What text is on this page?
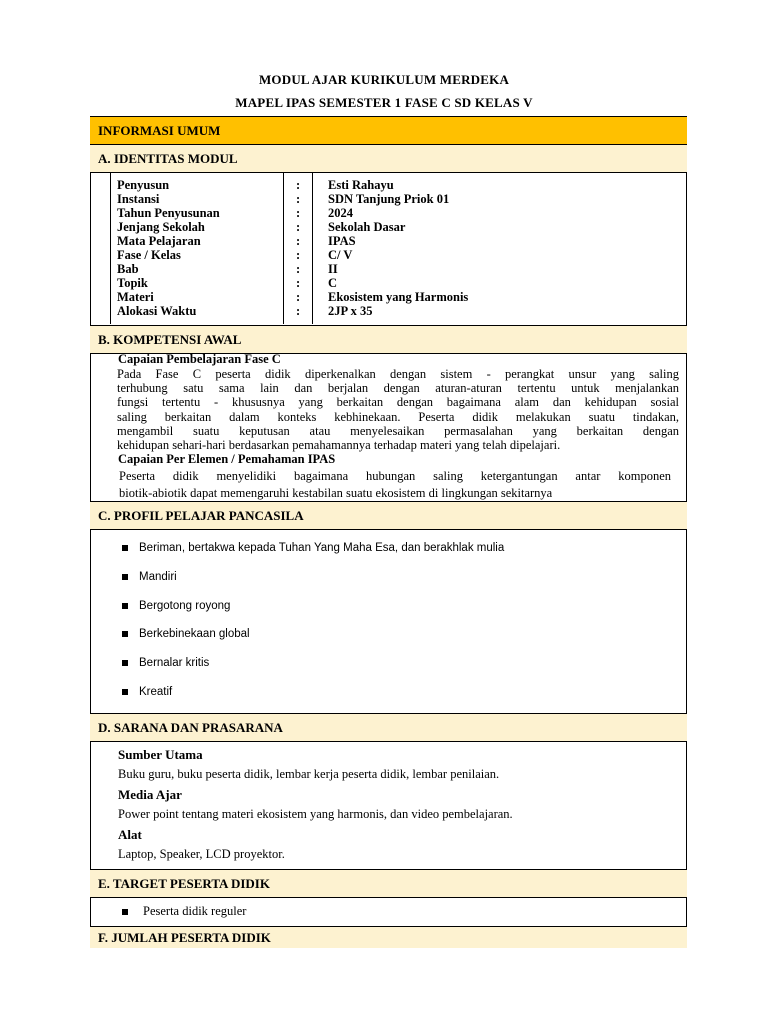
MODUL AJAR KURIKULUM MERDEKA
MAPEL IPAS SEMESTER 1 FASE C SD KELAS V
INFORMASI UMUM
A. IDENTITAS MODUL
Penyusun	: Esti Rahayu
Instansi	: SDN Tanjung Priok 01
Tahun Penyusunan	: 2024
Jenjang Sekolah	: Sekolah Dasar
Mata Pelajaran	: IPAS
Fase / Kelas	: C/ V
Bab	: II
Topik	: C
Materi	: Ekosistem yang Harmonis
Alokasi Waktu	: 2JP x 35
B. KOMPETENSI AWAL
Capaian Pembelajaran Fase C
Pada Fase C peserta didik diperkenalkan dengan sistem - perangkat unsur yang saling
terhubung satu sama lain dan berjalan dengan aturan-aturan tertentu untuk menjalankan
fungsi tertentu - khususnya yang berkaitan dengan bagaimana alam dan kehidupan sosial
saling berkaitan dalam konteks kebhinekaan. Peserta didik melakukan suatu tindakan,
mengambil suatu keputusan atau menyelesaikan permasalahan yang berkaitan dengan
kehidupan sehari-hari berdasarkan pemahamannya terhadap materi yang telah dipelajari.
Capaian Per Elemen / Pemahaman IPAS
Peserta didik menyelidiki bagaimana hubungan saling ketergantungan antar komponen
biotik-abiotik dapat memengaruhi kestabilan suatu ekosistem di lingkungan sekitarnya
C. PROFIL PELAJAR PANCASILA
Beriman, bertakwa kepada Tuhan Yang Maha Esa, dan berakhlak mulia
Mandiri
Bergotong royong
Berkebinekaan global
Bernalar kritis
Kreatif
D. SARANA DAN PRASARANA
Sumber Utama
Buku guru, buku peserta didik, lembar kerja peserta didik, lembar penilaian.
Media Ajar
Power point tentang materi ekosistem yang harmonis, dan video pembelajaran.
Alat
Laptop, Speaker, LCD proyektor.
E. TARGET PESERTA DIDIK
Peserta didik reguler
F. JUMLAH PESERTA DIDIK
